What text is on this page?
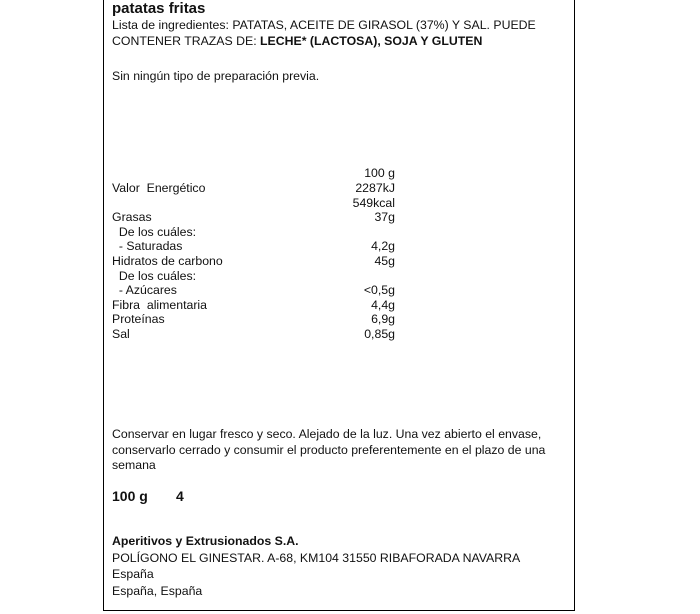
patatas fritas
Lista de ingredientes: PATATAS, ACEITE DE GIRASOL (37%) Y SAL. PUEDE
CONTENER TRAZAS DE: LECHE* (LACTOSA), SOJA Y GLUTEN
Sin ningún tipo de preparación previa.
100 g
Valor  Energético	2287kJ
549kcal
Grasas	37g
De los cuáles:
- Saturadas	4,2g
Hidratos de carbono	45g
De los cuáles:
- Azúcares	<0,5g
Fibra  alimentaria	4,4g
Proteínas	6,9g
Sal	0,85g
Conservar en lugar fresco y seco. Alejado de la luz. Una vez abierto el envase,
conservarlo cerrado y consumir el producto preferentemente en el plazo de una
semana
100 g 4
Aperitivos y Extrusionados S.A.
POLÍGONO EL GINESTAR. A-68, KM104 31550 RIBAFORADA NAVARRA
España
España, España
